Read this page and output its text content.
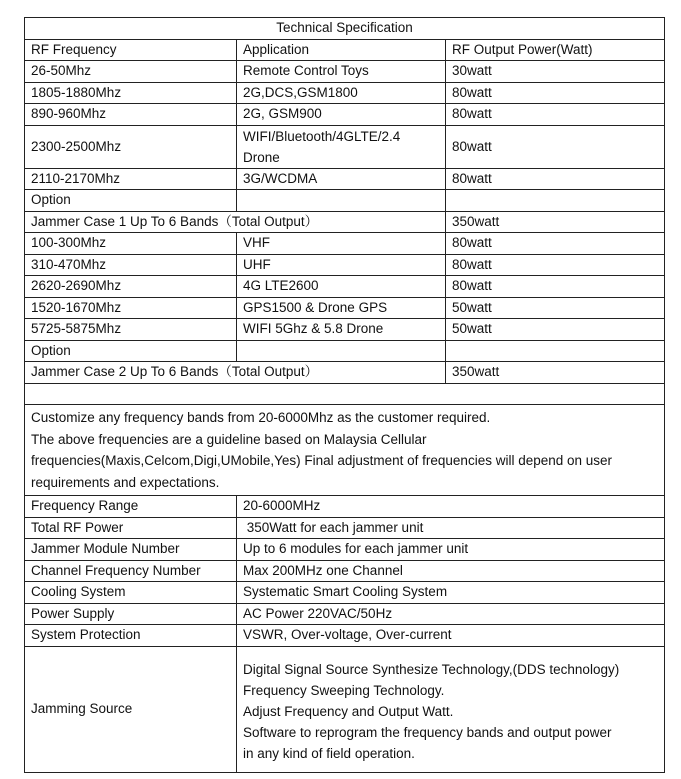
Technical Specification		
RF Frequency	Application	RF Output Power(Watt)
26-50Mhz	Remote Control Toys	30watt
1805-1880Mhz	2G,DCS,GSM1800	80watt
890-960Mhz	2G, GSM900	80watt
2300-2500Mhz	WIFI/Bluetooth/4GLTE/2.4 Drone	80watt
2110-2170Mhz	3G/WCDMA	80watt
Option		
Jammer Case 1 Up To 6 Bands（Total Output）		350watt
100-300Mhz	VHF	80watt
310-470Mhz	UHF	80watt
2620-2690Mhz	4G LTE2600	80watt
1520-1670Mhz	GPS1500 & Drone GPS	50watt
5725-5875Mhz	WIFI 5Ghz & 5.8 Drone	50watt
Option		
Jammer Case 2 Up To 6 Bands（Total Output）		350watt

Customize any frequency bands from 20-6000Mhz as the customer required.
The above frequencies are a guideline based on Malaysia Cellular frequencies(Maxis,Celcom,Digi,UMobile,Yes) Final adjustment of frequencies will depend on user requirements and expectations.		

Frequency Range	20-6000MHz	
Total RF Power	350Watt for each jammer unit	
Jammer Module Number	Up to 6 modules for each jammer unit	
Channel Frequency Number	Max 200MHz one Channel	
Cooling System	Systematic Smart Cooling System	
Power Supply	AC Power 220VAC/50Hz	
System Protection	VSWR, Over-voltage, Over-current	
Jamming Source	Digital Signal Source Synthesize Technology,(DDS technology)
Frequency Sweeping Technology.
Adjust Frequency and Output Watt.
Software to reprogram the frequency bands and output power
in any kind of field operation.	
